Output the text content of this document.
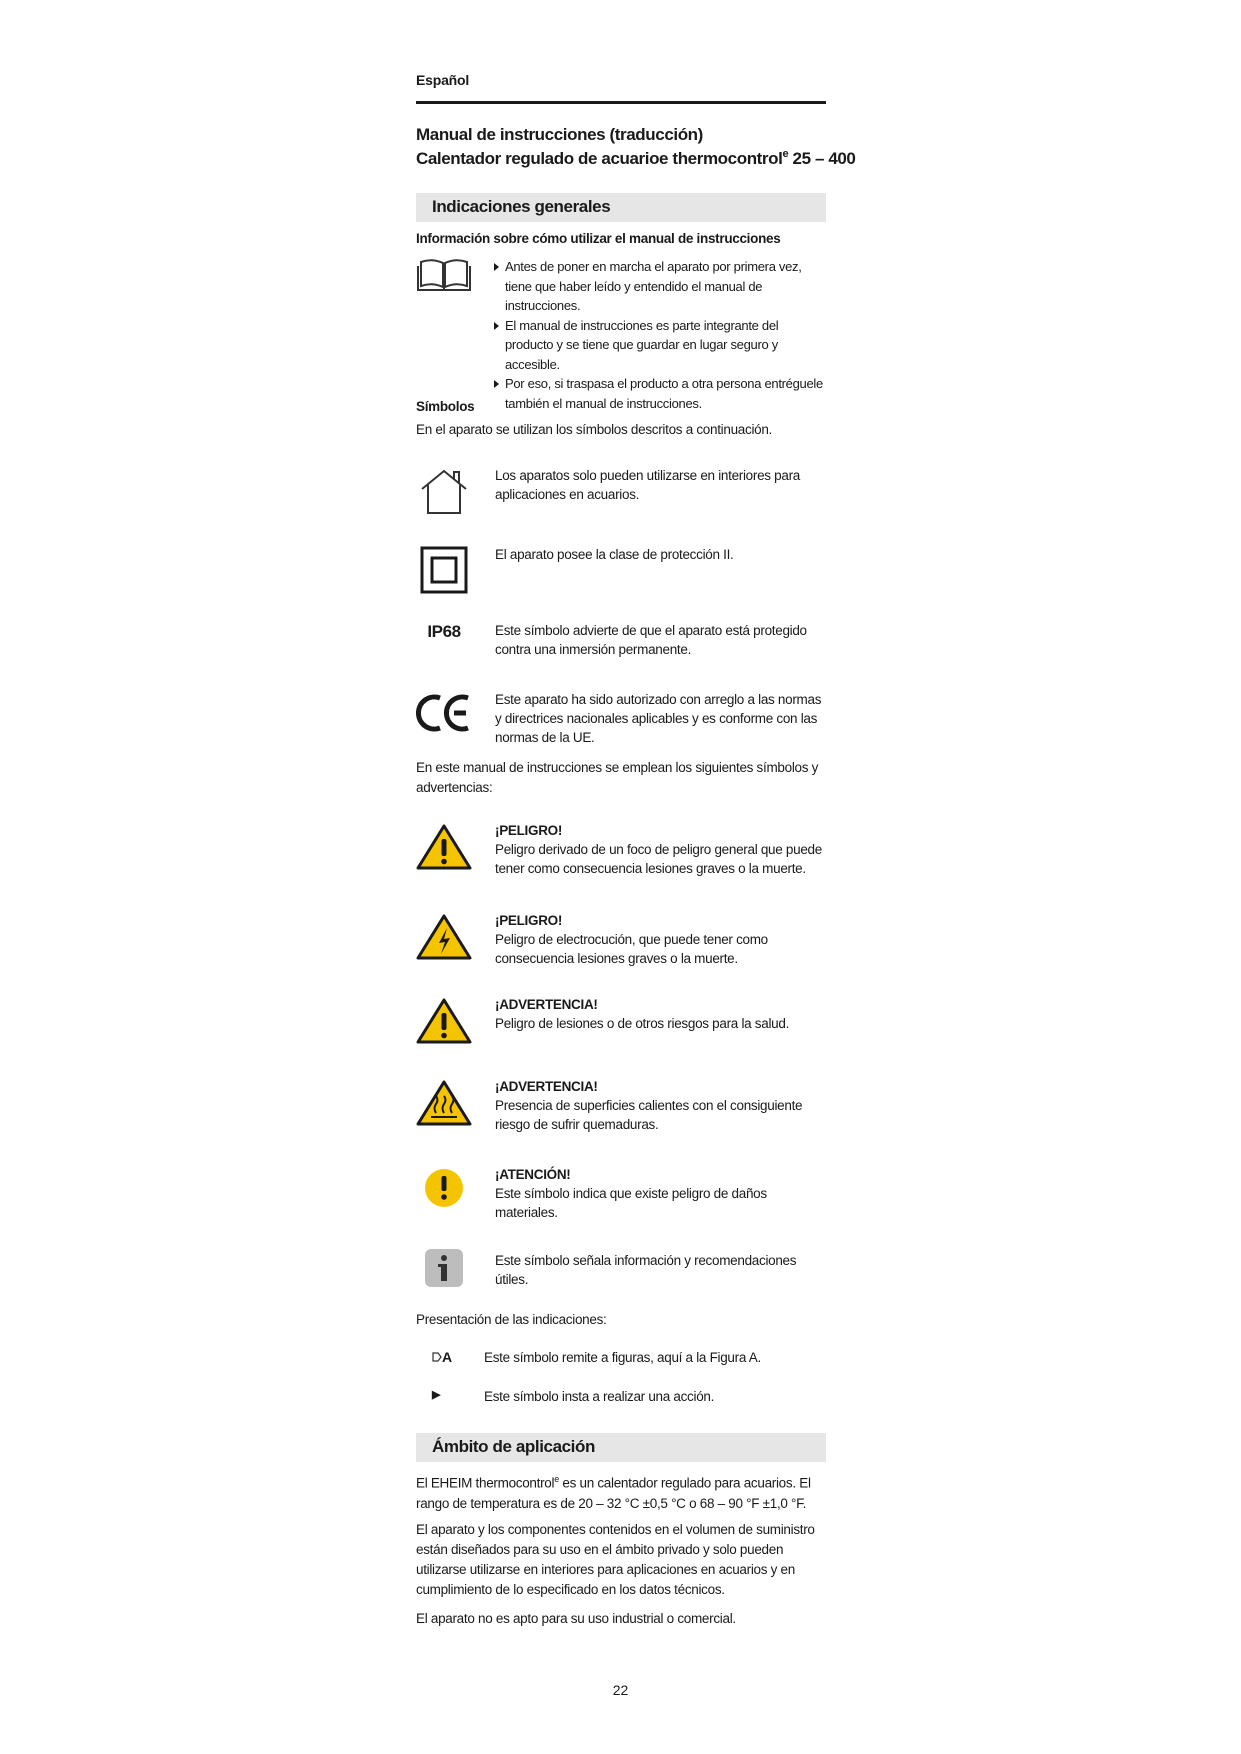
Español
Manual de instrucciones (traducción)
Calentador regulado de acuarioe thermocontrol$^e$ 25 – 400
Indicaciones generales
Información sobre cómo utilizar el manual de instrucciones
Antes de poner en marcha el aparato por primera vez, tiene que haber leído y entendido el manual de instrucciones.
El manual de instrucciones es parte integrante del producto y se tiene que guardar en lugar seguro y accesible.
Por eso, si traspasa el producto a otra persona entréguele también el manual de instrucciones.
Símbolos
En el aparato se utilizan los símbolos descritos a continuación.
Los aparatos solo pueden utilizarse en interiores para aplicaciones en acuarios.
El aparato posee la clase de protección II.
IP68	Este símbolo advierte de que el aparato está protegido contra una inmersión permanente.
Este aparato ha sido autorizado con arreglo a las normas y directrices nacionales aplicables y es conforme con las normas de la UE.
En este manual de instrucciones se emplean los siguientes símbolos y advertencias:
¡PELIGRO!
Peligro derivado de un foco de peligro general que puede tener como consecuencia lesiones graves o la muerte.
¡PELIGRO!
Peligro de electrocución, que puede tener como consecuencia lesiones graves o la muerte.
¡ADVERTENCIA!
Peligro de lesiones o de otros riesgos para la salud.
¡ADVERTENCIA!
Presencia de superficies calientes con el consiguiente riesgo de sufrir quemaduras.
¡ATENCIÓN!
Este símbolo indica que existe peligro de daños materiales.
Este símbolo señala información y recomendaciones útiles.
Presentación de las indicaciones:
A	Este símbolo remite a figuras, aquí a la Figura A.
▶	Este símbolo insta a realizar una acción.
Ámbito de aplicación
El EHEIM thermocontrol$^e$ es un calentador regulado para acuarios. El rango de temperatura es de 20 – 32 °C ±0,5 °C o 68 – 90 °F ±1,0 °F.
El aparato y los componentes contenidos en el volumen de suministro están diseñados para su uso en el ámbito privado y solo pueden utilizarse utilizarse en interiores para aplicaciones en acuarios y en cumplimiento de lo especificado en los datos técnicos.
El aparato no es apto para su uso industrial o comercial.
22
